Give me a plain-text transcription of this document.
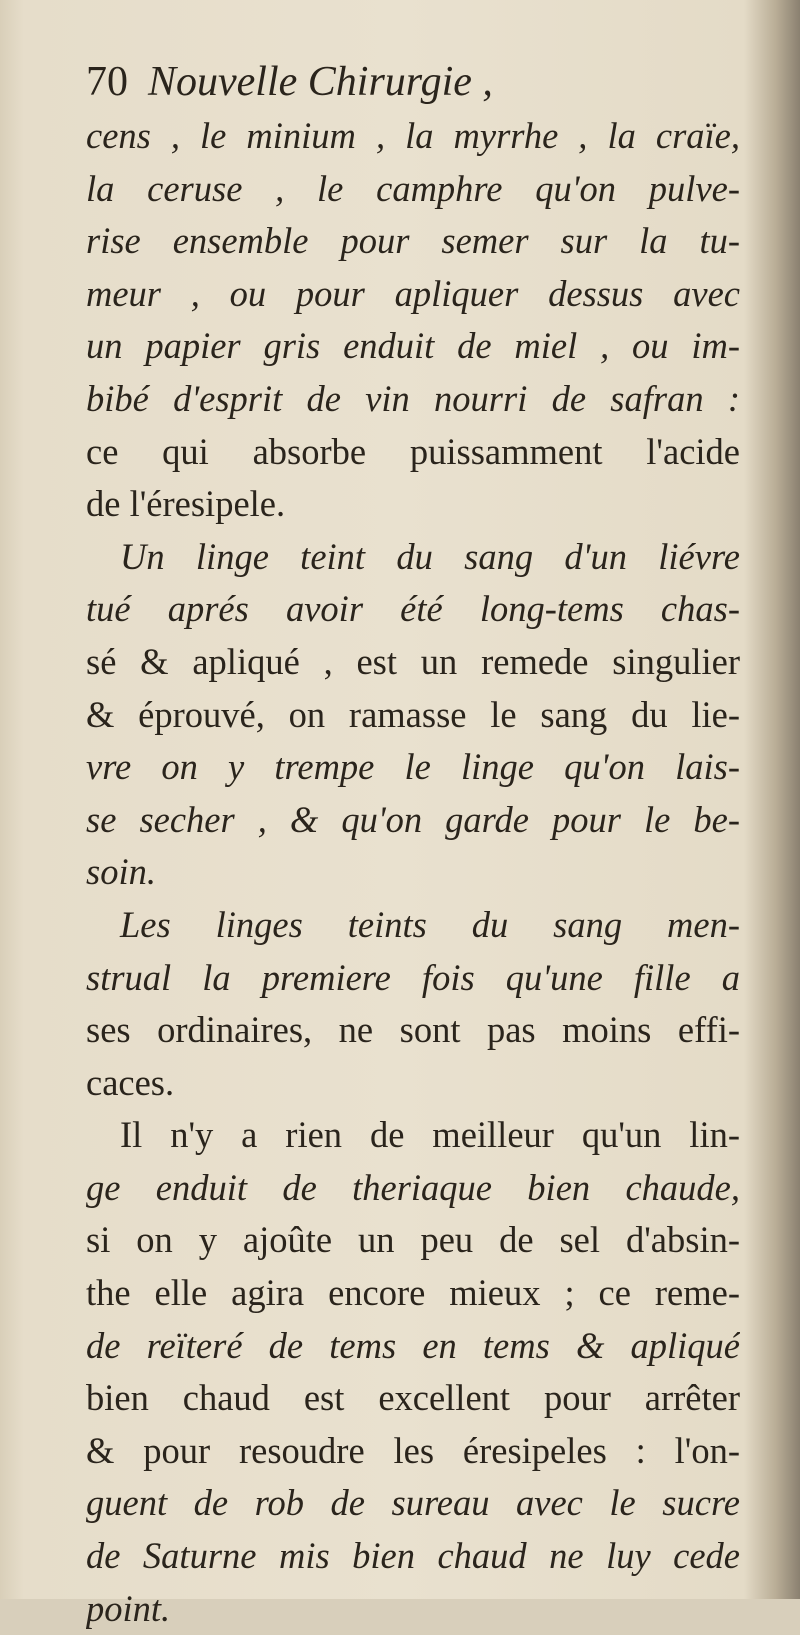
70 Nouvelle Chirurgie ,
cens , le minium , la myrrhe , la craïe,
la ceruse , le camphre qu'on pulve-
rise ensemble pour semer sur la tu-
meur , ou pour apliquer dessus avec
un papier gris enduit de miel , ou im-
bibé d'esprit de vin nourri de safran :
ce qui absorbe puissamment l'acide
de l'éresipele.
Un linge teint du sang d'un liévre
tué aprés avoir été long-tems chas-
sé & apliqué , est un remede singulier
& éprouvé, on ramasse le sang du lie-
vre on y trempe le linge qu'on lais-
se secher , & qu'on garde pour le be-
soin.
Les linges teints du sang men-
strual la premiere fois qu'une fille a
ses ordinaires, ne sont pas moins effi-
caces.
Il n'y a rien de meilleur qu'un lin-
ge enduit de theriaque bien chaude,
si on y ajoûte un peu de sel d'absin-
the elle agira encore mieux ; ce reme-
de reïteré de tems en tems & apliqué
bien chaud est excellent pour arrêter
& pour resoudre les éresipeles : l'on-
guent de rob de sureau avec le sucre
de Saturne mis bien chaud ne luy cede
point.
